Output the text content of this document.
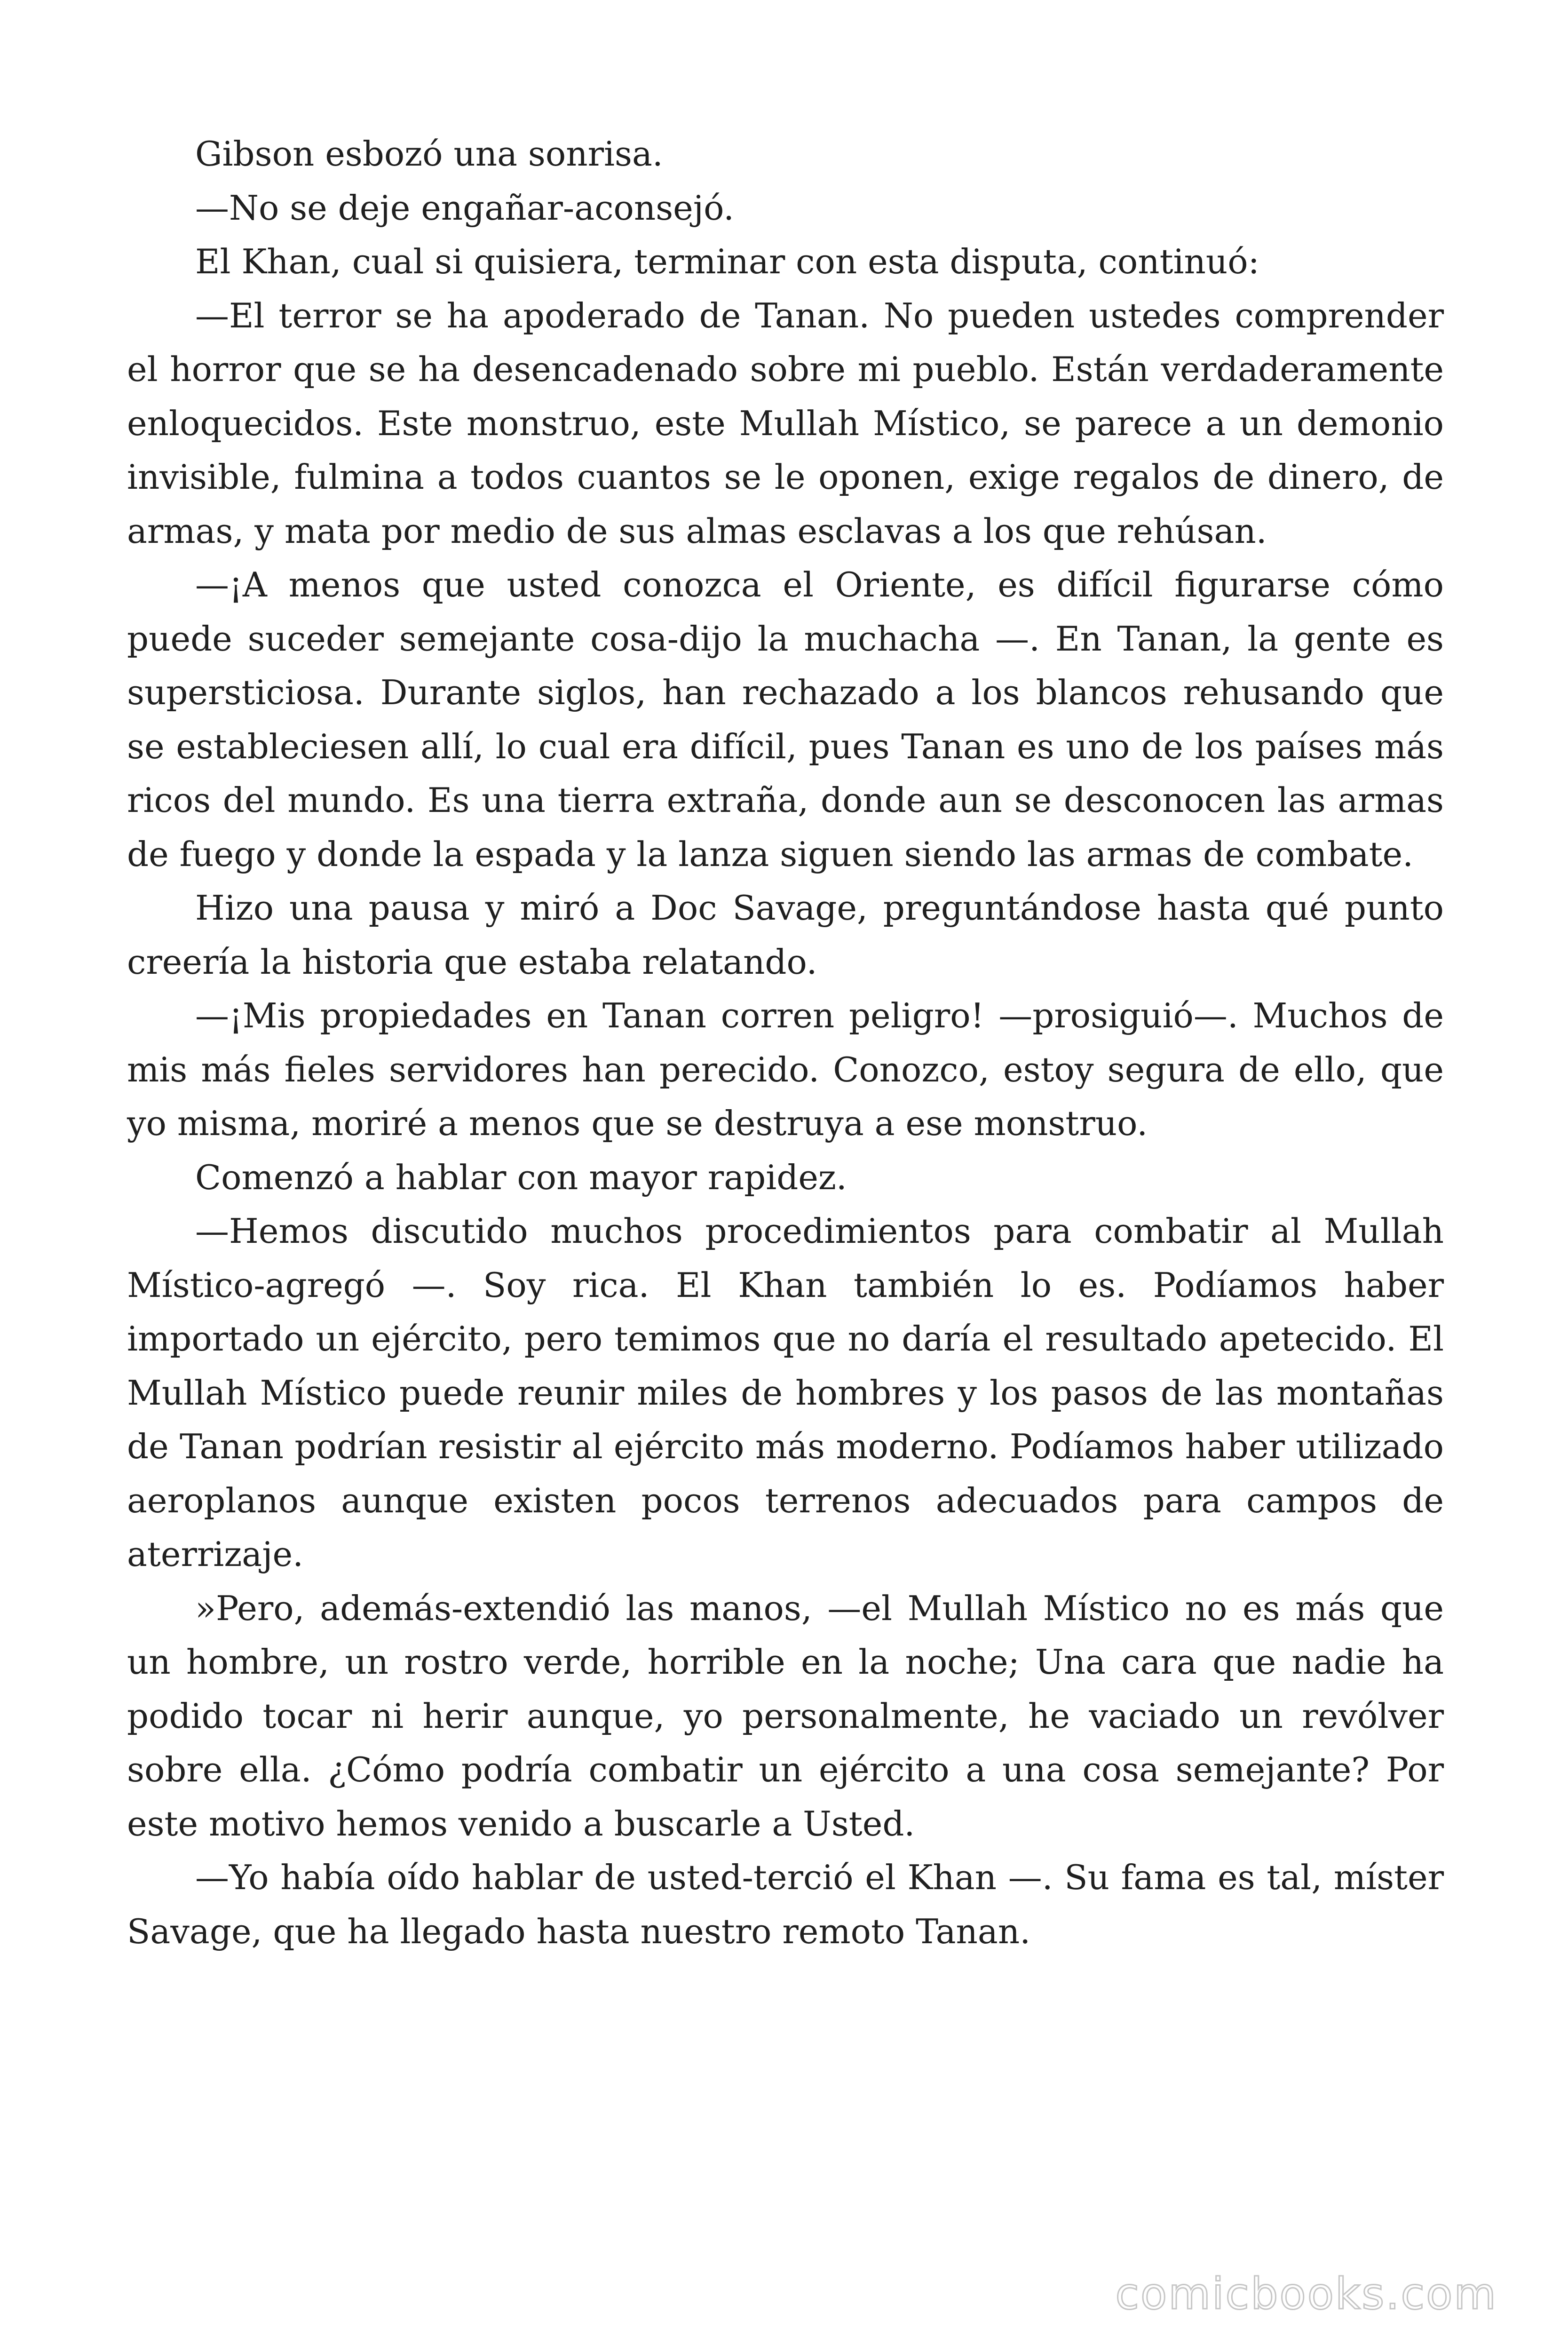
Gibson esbozó una sonrisa.

—No se deje engañar-aconsejó.

El Khan, cual si quisiera, terminar con esta disputa, continuó:

—El terror se ha apoderado de Tanan. No pueden ustedes comprender el horror que se ha desencadenado sobre mi pueblo. Están verdaderamente enloquecidos. Este monstruo, este Mullah Místico, se parece a un demonio invisible, fulmina a todos cuantos se le oponen, exige regalos de dinero, de armas, y mata por medio de sus almas esclavas a los que rehúsan.

—¡A menos que usted conozca el Oriente, es difícil figurarse cómo puede suceder semejante cosa-dijo la muchacha —. En Tanan, la gente es supersticiosa. Durante siglos, han rechazado a los blancos rehusando que se estableciesen allí, lo cual era difícil, pues Tanan es uno de los países más ricos del mundo. Es una tierra extraña, donde aun se desconocen las armas de fuego y donde la espada y la lanza siguen siendo las armas de combate.

Hizo una pausa y miró a Doc Savage, preguntándose hasta qué punto creería la historia que estaba relatando.

—¡Mis propiedades en Tanan corren peligro! —prosiguió—. Muchos de mis más fieles servidores han perecido. Conozco, estoy segura de ello, que yo misma, moriré a menos que se destruya a ese monstruo.

Comenzó a hablar con mayor rapidez.

—Hemos discutido muchos procedimientos para combatir al Mullah Místico-agregó —. Soy rica. El Khan también lo es. Podíamos haber importado un ejército, pero temimos que no daría el resultado apetecido. El Mullah Místico puede reunir miles de hombres y los pasos de las montañas de Tanan podrían resistir al ejército más moderno. Podíamos haber utilizado aeroplanos aunque existen pocos terrenos adecuados para campos de aterrizaje.

»Pero, además-extendió las manos, —el Mullah Místico no es más que un hombre, un rostro verde, horrible en la noche; Una cara que nadie ha podido tocar ni herir aunque, yo personalmente, he vaciado un revólver sobre ella. ¿Cómo podría combatir un ejército a una cosa semejante? Por este motivo hemos venido a buscarle a Usted.

—Yo había oído hablar de usted-terció el Khan —. Su fama es tal, míster Savage, que ha llegado hasta nuestro remoto Tanan.

comicbooks.com
